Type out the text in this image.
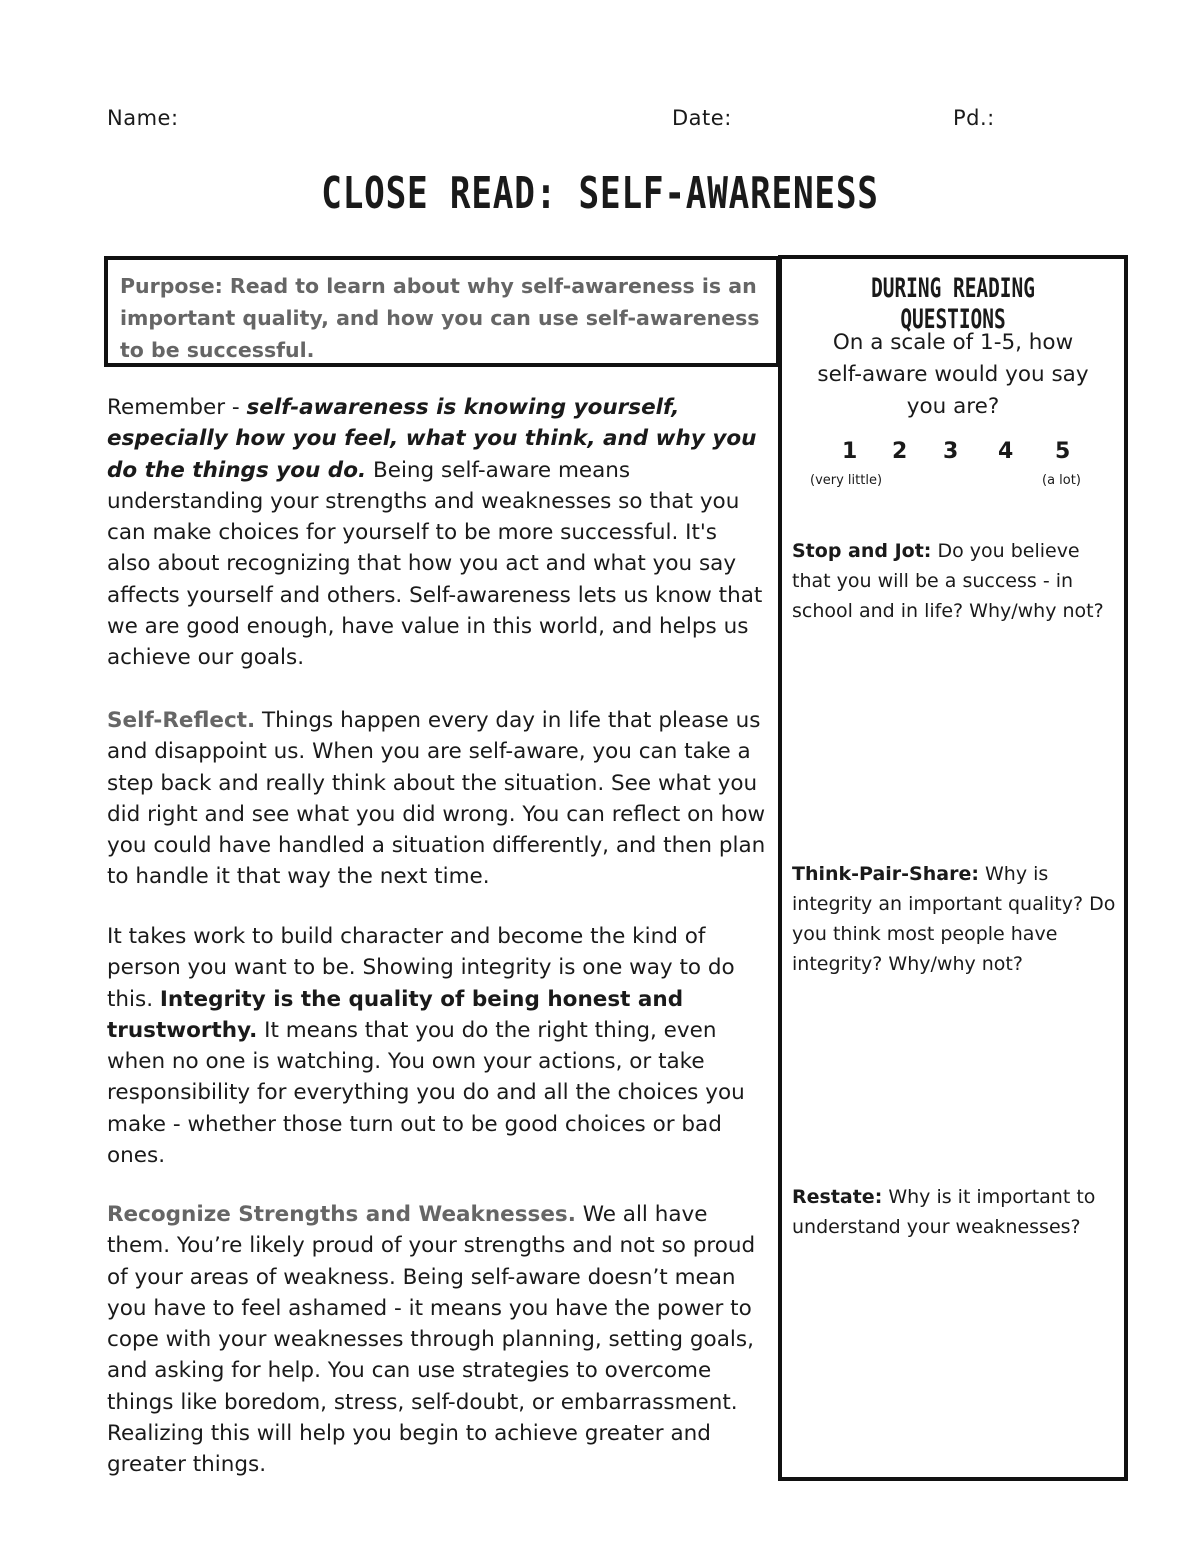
Name:	Date:	Pd.:
CLOSE READ: SELF-AWARENESS
Purpose: Read to learn about why self-awareness is an important quality, and how you can use self-awareness to be successful.

Remember - self-awareness is knowing yourself, especially how you feel, what you think, and why you do the things you do. Being self-aware means understanding your strengths and weaknesses so that you can make choices for yourself to be more successful. It's also about recognizing that how you act and what you say affects yourself and others. Self-awareness lets us know that we are good enough, have value in this world, and helps us achieve our goals.

Self-Reflect. Things happen every day in life that please us and disappoint us. When you are self-aware, you can take a step back and really think about the situation. See what you did right and see what you did wrong. You can reflect on how you could have handled a situation differently, and then plan to handle it that way the next time.

It takes work to build character and become the kind of person you want to be. Showing integrity is one way to do this. Integrity is the quality of being honest and trustworthy. It means that you do the right thing, even when no one is watching. You own your actions, or take responsibility for everything you do and all the choices you make - whether those turn out to be good choices or bad ones.

Recognize Strengths and Weaknesses. We all have them. You’re likely proud of your strengths and not so proud of your areas of weakness. Being self-aware doesn’t mean you have to feel ashamed - it means you have the power to cope with your weaknesses through planning, setting goals, and asking for help. You can use strategies to overcome things like boredom, stress, self-doubt, or embarrassment. Realizing this will help you begin to achieve greater and greater things.

DURING READING QUESTIONS
On a scale of 1-5, how self-aware would you say you are?
1 2 3 4 5
(very little)	(a lot)
Stop and Jot: Do you believe that you will be a success - in school and in life? Why/why not?
Think-Pair-Share: Why is integrity an important quality? Do you think most people have integrity? Why/why not?
Restate: Why is it important to understand your weaknesses?
